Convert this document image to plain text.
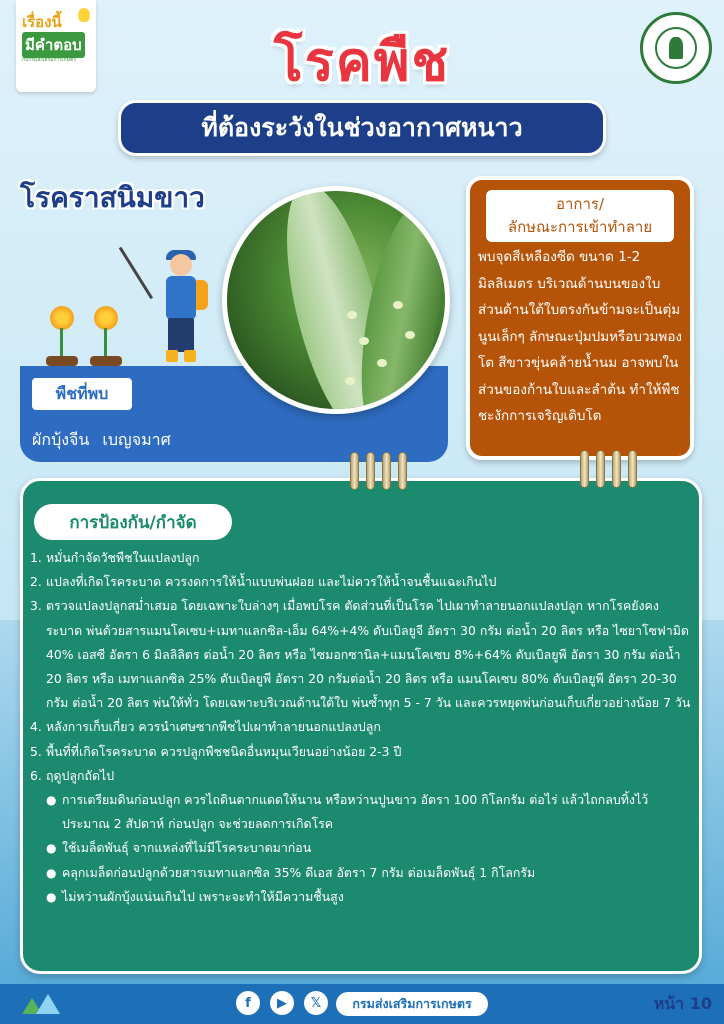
เรื่องนี้
มีคำตอบ
กับกรมส่งเสริมการเกษตร	โรคพืช
ที่ต้องระวังในช่วงอากาศหนาว
โรคราสนิมขาว
พืชที่พบ
ผักบุ้งจีน เบญจมาศ
อาการ/
ลักษณะการเข้าทำลาย
พบจุดสีเหลืองซีด ขนาด 1-2 มิลลิเมตร บริเวณด้านบนของใบ ส่วนด้านใต้ใบตรงกันข้ามจะเป็นตุ่มนูนเล็กๆ ลักษณะปุ่มปมหรือบวมพองโต สีขาวขุ่นคล้ายน้ำนม อาจพบในส่วนของก้านใบและลำต้น ทำให้พืชชะงักการเจริญเติบโต
การป้องกัน/กำจัด
1. หมั่นกำจัดวัชพืชในแปลงปลูก
2. แปลงที่เกิดโรคระบาด ควรงดการให้น้ำแบบพ่นฝอย และไม่ควรให้น้ำจนชื้นแฉะเกินไป
3. ตรวจแปลงปลูกสม่ำเสมอ โดยเฉพาะใบล่างๆ เมื่อพบโรค ตัดส่วนที่เป็นโรค ไปเผาทำลายนอกแปลงปลูก หากโรคยังคงระบาด พ่นด้วยสารแมนโคเซบ+เมทาแลกซิล-เอ็ม 64%+4% ดับเบิลยูจี อัตรา 30 กรัม ต่อน้ำ 20 ลิตร หรือ ไซยาโซฟามิด 40% เอสซี อัตรา 6 มิลลิลิตร ต่อน้ำ 20 ลิตร หรือ ไซมอกซานิล+แมนโคเซบ 8%+64% ดับเบิลยูพี อัตรา 30 กรัม ต่อน้ำ 20 ลิตร หรือ เมทาแลกซิล 25% ดับเบิลยูพี อัตรา 20 กรัมต่อน้ำ 20 ลิตร หรือ แมนโคเซบ 80% ดับเบิลยูพี อัตรา 20-30 กรัม ต่อน้ำ 20 ลิตร พ่นให้ทั่ว โดยเฉพาะบริเวณด้านใต้ใบ พ่นซ้ำทุก 5 - 7 วัน และควรหยุดพ่นก่อนเก็บเกี่ยวอย่างน้อย 7 วัน
4. หลังการเก็บเกี่ยว ควรนำเศษซากพืชไปเผาทำลายนอกแปลงปลูก
5. พื้นที่ที่เกิดโรคระบาด ควรปลูกพืชชนิดอื่นหมุนเวียนอย่างน้อย 2-3 ปี
6. ฤดูปลูกถัดไป
● การเตรียมดินก่อนปลูก ควรไถดินตากแดดให้นาน หรือหว่านปูนขาว อัตรา 100 กิโลกรัม ต่อไร่ แล้วไถกลบทิ้งไว้ประมาณ 2 สัปดาห์ ก่อนปลูก จะช่วยลดการเกิดโรค
● ใช้เมล็ดพันธุ์ จากแหล่งที่ไม่มีโรคระบาดมาก่อน
● คลุกเมล็ดก่อนปลูกด้วยสารเมทาแลกซิล 35% ดีเอส อัตรา 7 กรัม ต่อเมล็ดพันธุ์ 1 กิโลกรัม
● ไม่หว่านผักบุ้งแน่นเกินไป เพราะจะทำให้มีความชื้นสูง
f	▶	𝕏	กรมส่งเสริมการเกษตร	หน้า 10
